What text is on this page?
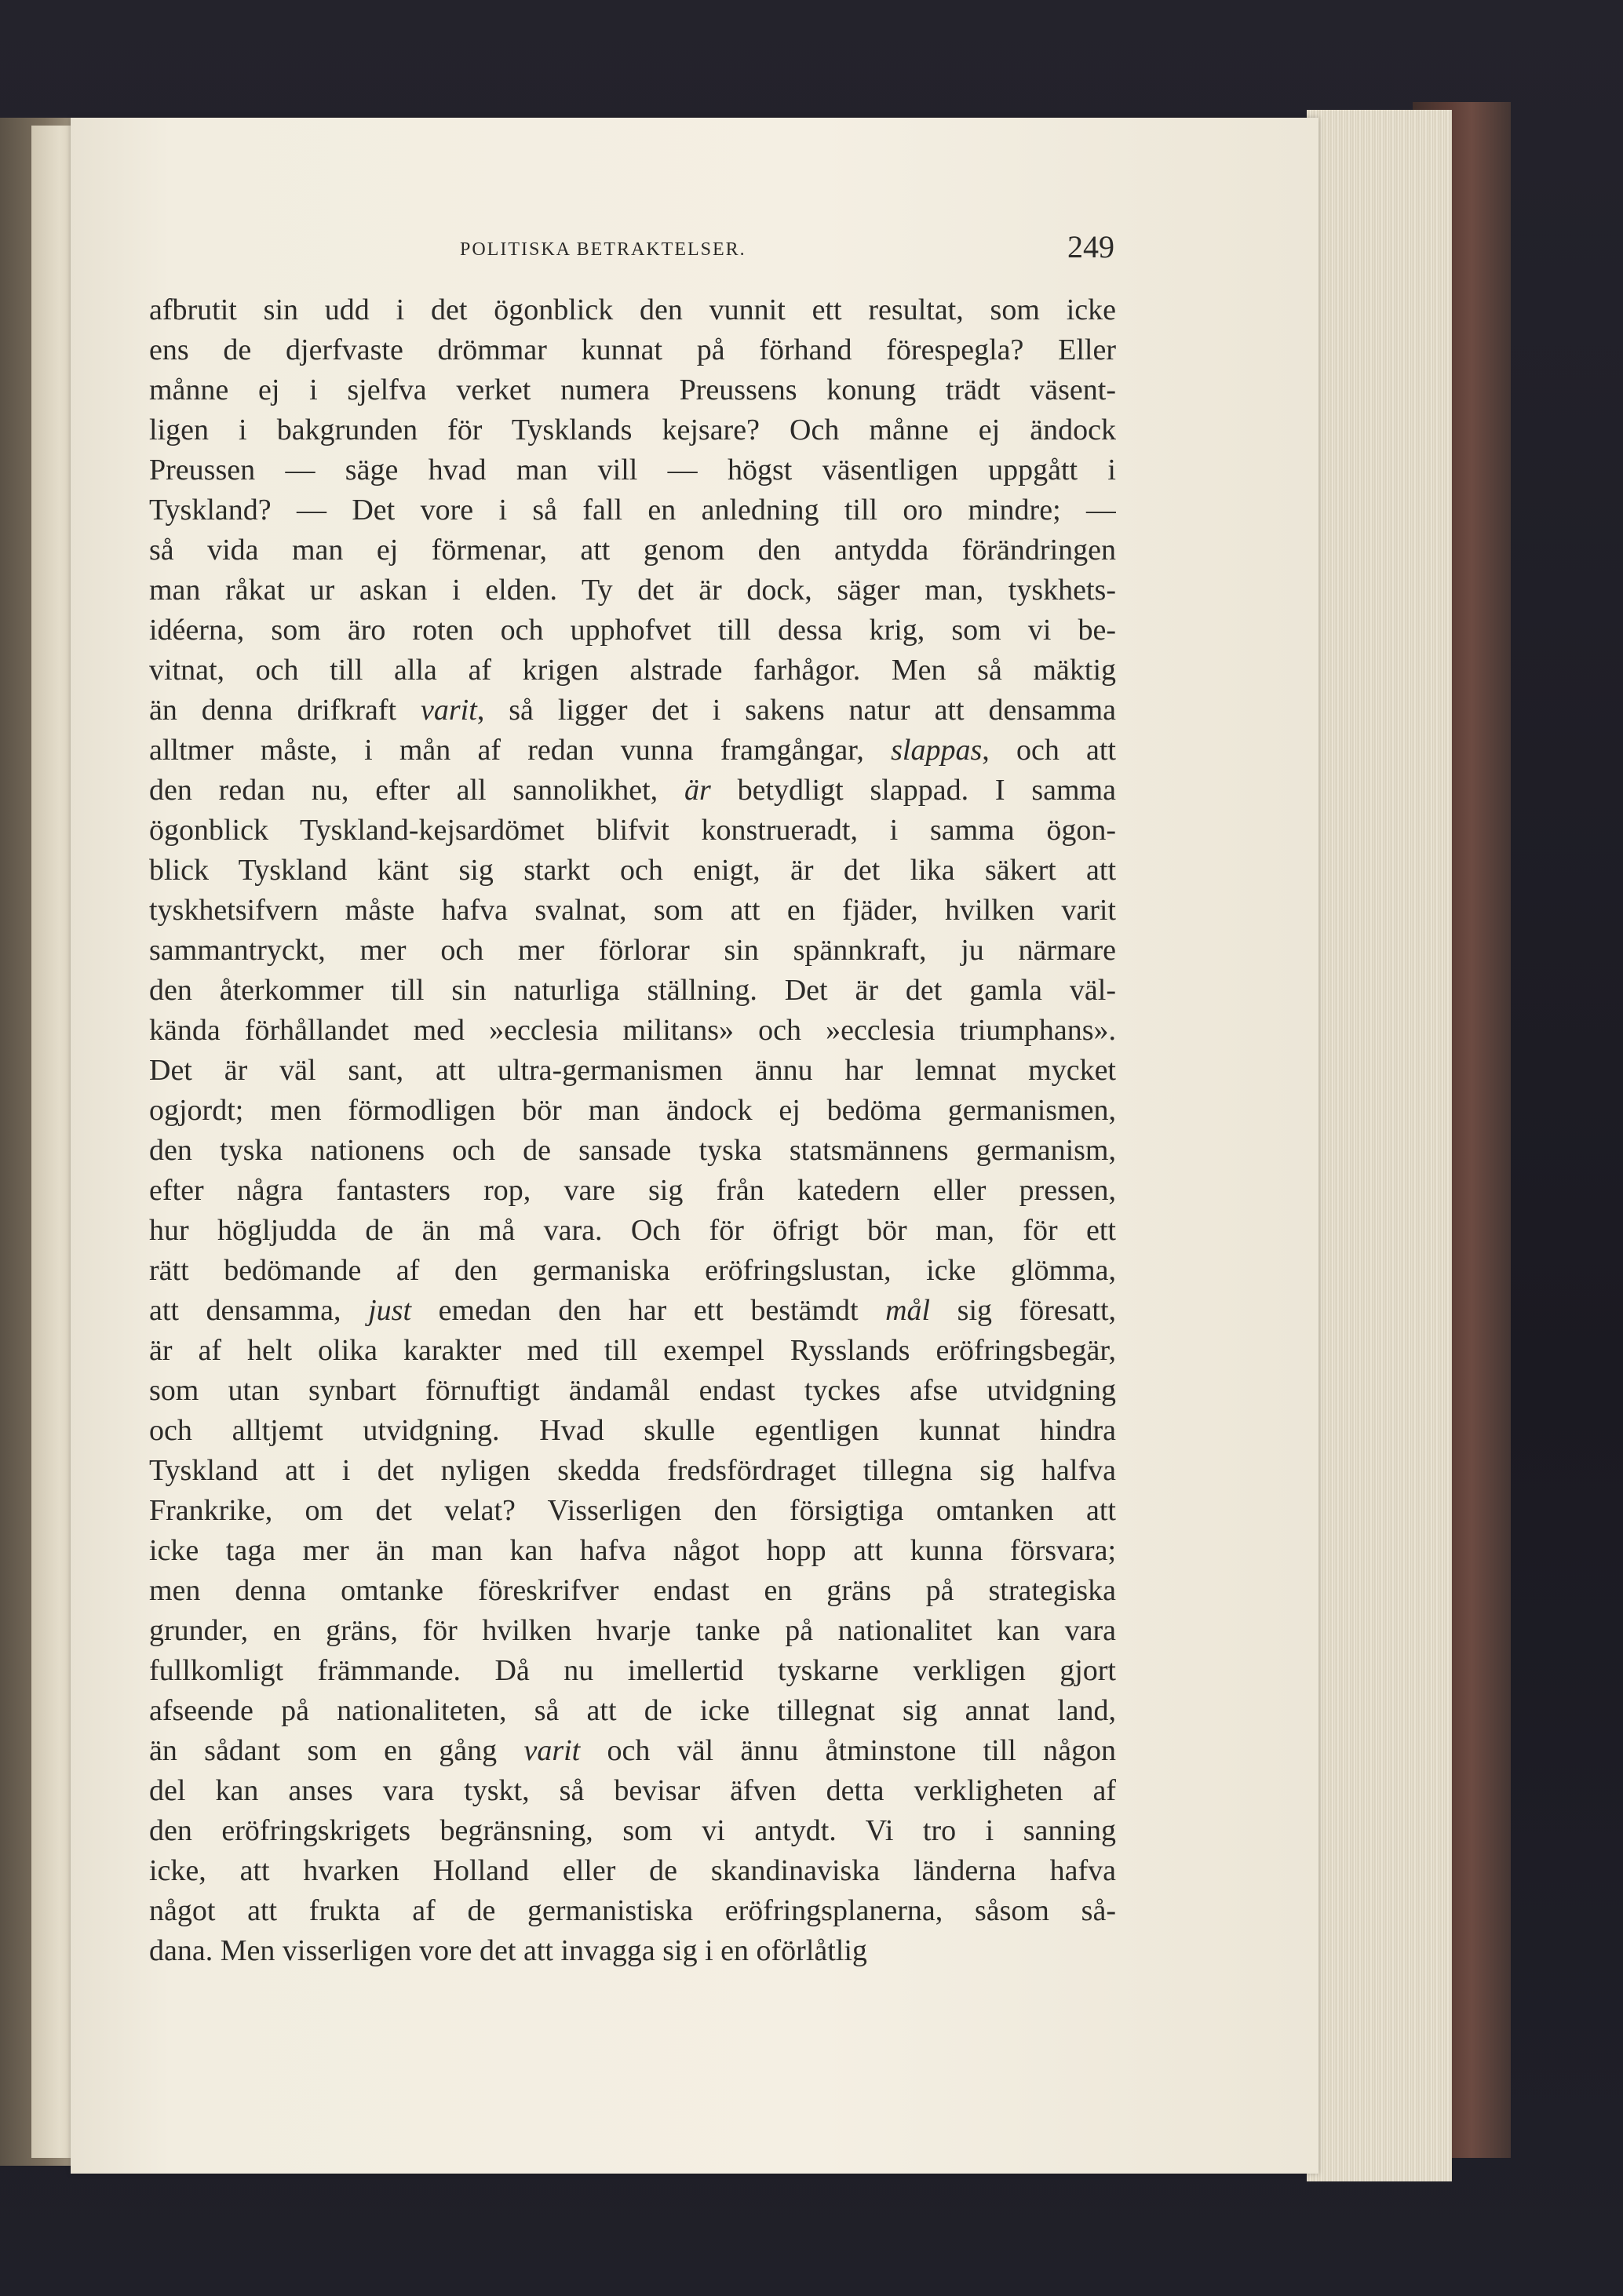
POLITISKA BETRAKTELSER.	249
afbrutit sin udd i det ögonblick den vunnit ett resultat, som icke
ens de djerfvaste drömmar kunnat på förhand förespegla? Eller
månne ej i sjelfva verket numera Preussens konung trädt väsent-
ligen i bakgrunden för Tysklands kejsare? Och månne ej ändock
Preussen — säge hvad man vill — högst väsentligen uppgått i
Tyskland? — Det vore i så fall en anledning till oro mindre; —
så vida man ej förmenar, att genom den antydda förändringen
man råkat ur askan i elden. Ty det är dock, säger man, tyskhets-
idéerna, som äro roten och upphofvet till dessa krig, som vi be-
vitnat, och till alla af krigen alstrade farhågor. Men så mäktig
än denna drifkraft varit, så ligger det i sakens natur att densamma
alltmer måste, i mån af redan vunna framgångar, slappas, och att
den redan nu, efter all sannolikhet, är betydligt slappad. I samma
ögonblick Tyskland-kejsardömet blifvit konstrueradt, i samma ögon-
blick Tyskland känt sig starkt och enigt, är det lika säkert att
tyskhetsifvern måste hafva svalnat, som att en fjäder, hvilken varit
sammantryckt, mer och mer förlorar sin spännkraft, ju närmare
den återkommer till sin naturliga ställning. Det är det gamla väl-
kända förhållandet med »ecclesia militans» och »ecclesia triumphans».
Det är väl sant, att ultra-germanismen ännu har lemnat mycket
ogjordt; men förmodligen bör man ändock ej bedöma germanismen,
den tyska nationens och de sansade tyska statsmännens germanism,
efter några fantasters rop, vare sig från katedern eller pressen,
hur högljudda de än må vara. Och för öfrigt bör man, för ett
rätt bedömande af den germaniska eröfringslustan, icke glömma,
att densamma, just emedan den har ett bestämdt mål sig föresatt,
är af helt olika karakter med till exempel Rysslands eröfringsbegär,
som utan synbart förnuftigt ändamål endast tyckes afse utvidgning
och alltjemt utvidgning. Hvad skulle egentligen kunnat hindra
Tyskland att i det nyligen skedda fredsfördraget tillegna sig halfva
Frankrike, om det velat? Visserligen den försigtiga omtanken att
icke taga mer än man kan hafva något hopp att kunna försvara;
men denna omtanke föreskrifver endast en gräns på strategiska
grunder, en gräns, för hvilken hvarje tanke på nationalitet kan vara
fullkomligt främmande. Då nu imellertid tyskarne verkligen gjort
afseende på nationaliteten, så att de icke tillegnat sig annat land,
än sådant som en gång varit och väl ännu åtminstone till någon
del kan anses vara tyskt, så bevisar äfven detta verkligheten af
den eröfringskrigets begränsning, som vi antydt. Vi tro i sanning
icke, att hvarken Holland eller de skandinaviska länderna hafva
något att frukta af de germanistiska eröfringsplanerna, såsom så-
dana. Men visserligen vore det att invagga sig i en oförlåtlig
